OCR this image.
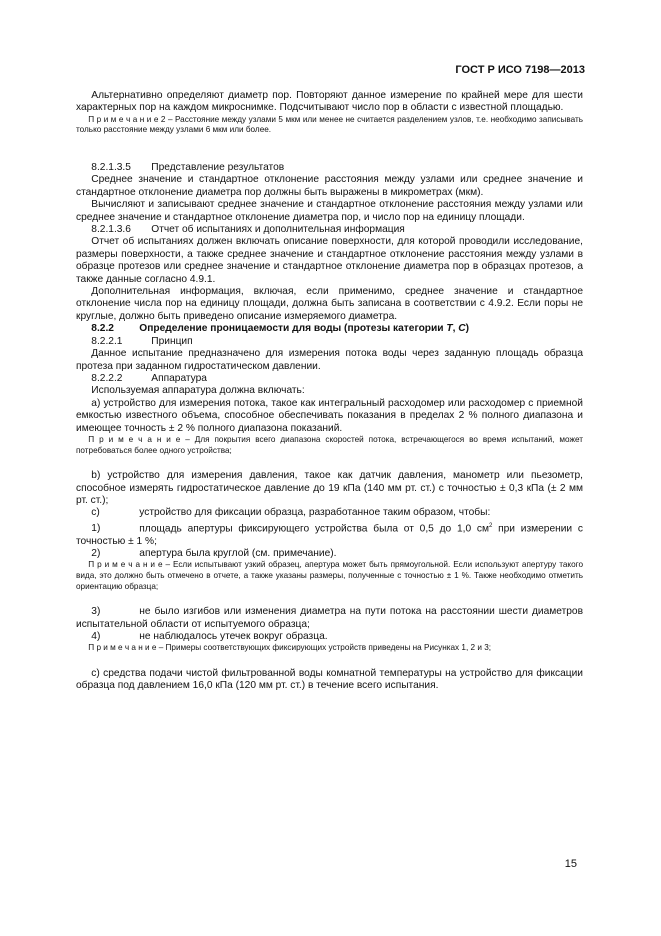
ГОСТ Р ИСО 7198—2013

  Альтернативно определяют диаметр пор. Повторяют данное измерение по крайней мере для шести характерных пор на каждом микроснимке. Подсчитывают число пор в области с известной площадью.

  П р и м е ч а н и е 2 – Расстояние между узлами 5 мкм или менее не считается разделением узлов, т.е. необходимо записывать только расстояние между узлами 6 мкм или более.

  8.2.1.3.5 Представление результатов

  Среднее значение и стандартное отклонение расстояния между узлами или среднее значение и стандартное отклонение диаметра пор должны быть выражены в микрометрах (мкм).

  Вычисляют и записывают среднее значение и стандартное отклонение расстояния между узлами или среднее значение и стандартное отклонение диаметра пор, и число пор на единицу площади.

  8.2.1.3.6 Отчет об испытаниях и дополнительная информация

  Отчет об испытаниях должен включать описание поверхности, для которой проводили исследование, размеры поверхности, а также среднее значение и стандартное отклонение расстояния между узлами в образце протезов или среднее значение и стандартное отклонение диаметра пор в образцах протезов, а также данные согласно 4.9.1.

  Дополнительная информация, включая, если применимо, среднее значение и стандартное отклонение числа пор на единицу площади, должна быть записана в соответствии с 4.9.2. Если поры не круглые, должно быть приведено описание измеряемого диаметра.

  8.2.2 Определение проницаемости для воды (протезы категории T, C)

  8.2.2.1	Принцип

  Данное испытание предназначено для измерения потока воды через заданную площадь образца протеза при заданном гидростатическом давлении.

  8.2.2.2	Аппаратура

  Используемая аппаратура должна включать:

  а) устройство для измерения потока, такое как интегральный расходомер или расходомер с приемной емкостью известного объема, способное обеспечивать показания в пределах 2 % полного диапазона и имеющее точность ± 2 % полного диапазона показаний.

  П р и м е ч а н и е – Для покрытия всего диапазона скоростей потока, встречающегося во время испытаний, может потребоваться более одного устройства;

  b) устройство для измерения давления, такое как датчик давления, манометр или пьезометр, способное измерять гидростатическое давление до 19 кПа (140 мм рт. ст.) с точностью ± 0,3 кПа (± 2 мм рт. ст.);

  c)	устройство для фиксации образца, разработанное таким образом, чтобы:

  1)	площадь апертуры фиксирующего устройства была от 0,5 до 1,0 $см^2$ при измерении с точностью ± 1 %;

  2)	апертура была круглой (см. примечание).

  П р и м е ч а н и е – Если испытывают узкий образец, апертура может быть прямоугольной. Если используют апертуру такого вида, это должно быть отмечено в отчете, а также указаны размеры, полученные с точностью ± 1 %. Также необходимо отметить ориентацию образца;

  3)	не было изгибов или изменения диаметра на пути потока на расстоянии шести диаметров испытательной области от испытуемого образца;

  4)	не наблюдалось утечек вокруг образца.

  П р и м е ч а н и е – Примеры соответствующих фиксирующих устройств приведены на Рисунках 1, 2 и 3;

  c) средства подачи чистой фильтрованной воды комнатной температуры на устройство для фиксации образца под давлением 16,0 кПа (120 мм рт. ст.) в течение всего испытания.

15
